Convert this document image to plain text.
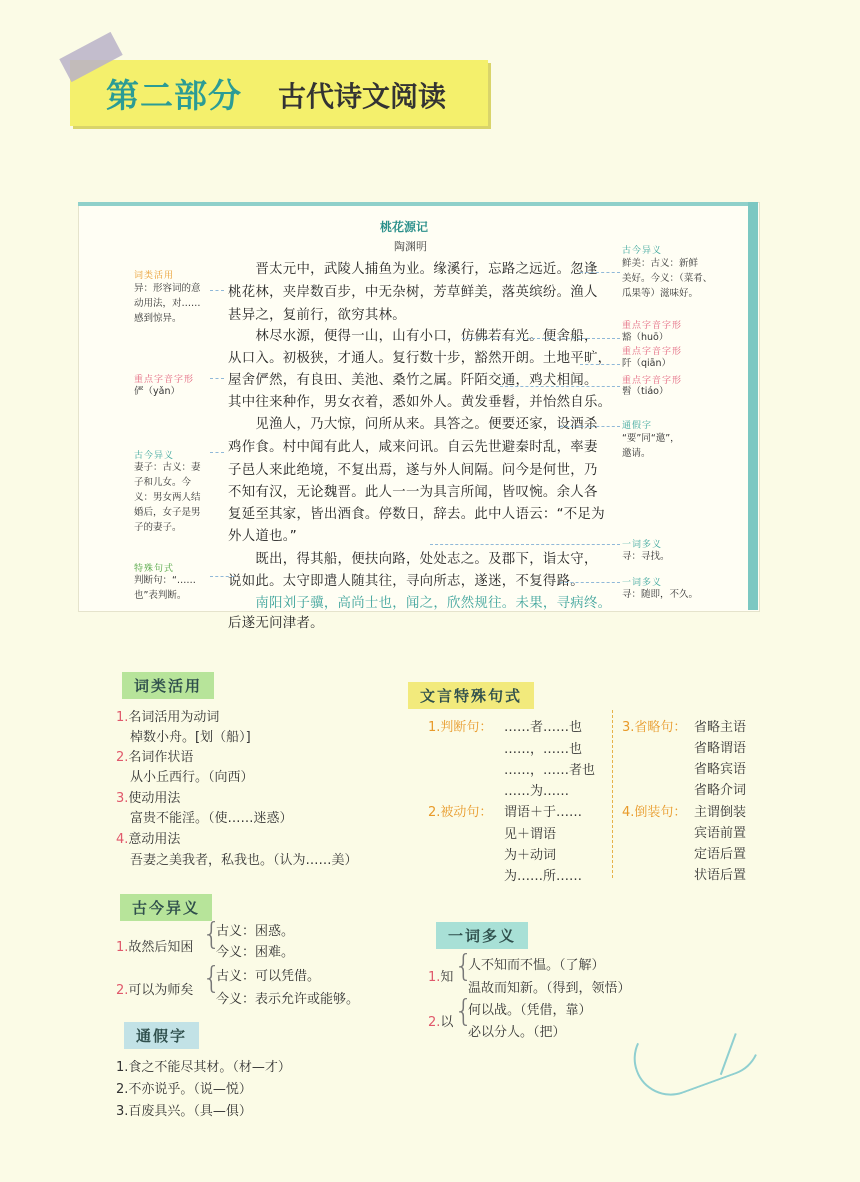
第二部分 古代诗文阅读
桃花源记
陶渊明
　　晋太元中，武陵人捕鱼为业。缘溪行，忘路之远近。忽逢
桃花林，夹岸数百步，中无杂树，芳草鲜美，落英缤纷。渔人
甚异之，复前行，欲穷其林。
　　林尽水源，便得一山，山有小口，仿佛若有光。便舍船，
从口入。初极狭，才通人。复行数十步，豁然开朗。土地平旷，
屋舍俨然，有良田、美池、桑竹之属。阡陌交通，鸡犬相闻。
其中往来种作，男女衣着，悉如外人。黄发垂髫，并怡然自乐。
　　见渔人，乃大惊，问所从来。具答之。便要还家，设酒杀
鸡作食。村中闻有此人，咸来问讯。自云先世避秦时乱，率妻
子邑人来此绝境，不复出焉，遂与外人间隔。问今是何世，乃
不知有汉，无论魏晋。此人一一为具言所闻，皆叹惋。余人各
复延至其家，皆出酒食。停数日，辞去。此中人语云：“不足为
外人道也。”
　　既出，得其船，便扶向路，处处志之。及郡下，诣太守，
说如此。太守即遣人随其往，寻向所志，遂迷，不复得路。
　　南阳刘子骥，高尚士也，闻之，欣然规往。未果，寻病终。
后遂无问津者。
词类活用
异：形容词的意
动用法，对……
感到惊异。
重点字音字形
俨（yǎn）
古今异义
妻子：古义：妻
子和儿女。今
义：男女两人结
婚后，女子是男
子的妻子。
特殊句式
判断句：“……
也”表判断。
古今异义
鲜美：古义：新鲜
美好。今义：（菜肴、
瓜果等）滋味好。
重点字音字形
豁（huō）
重点字音字形
阡（qiān）
重点字音字形
髫（tiáo）
通假字
“要”同“邀”，
邀请。
一词多义
寻：寻找。
一词多义
寻：随即，不久。
词类活用
1.名词活用为动词
棹数小舟。[划（船）]
2.名词作状语
从小丘西行。（向西）
3.使动用法
富贵不能淫。（使……迷惑）
4.意动用法
吾妻之美我者，私我也。（认为……美）
文言特殊句式
1.判断句： ……者……也
……，……也
……，……者也
……为……
2.被动句： 谓语＋于……
见＋谓语
为＋动词
为……所……
3.省略句： 省略主语
省略谓语
省略宾语
省略介词
4.倒装句： 主谓倒装
宾语前置
定语后置
状语后置
古今异义
1.故然后知困 {
古义：困惑。
今义：困难。
2.可以为师矣 {
古义：可以凭借。
今义：表示允许或能够。
一词多义
1.知 {
人不知而不愠。（了解）
温故而知新。（得到，领悟）
2.以 {
何以战。（凭借，靠）
必以分人。（把）
通假字
1.食之不能尽其材。（材—才）
2.不亦说乎。（说—悦）
3.百废具兴。（具—俱）
